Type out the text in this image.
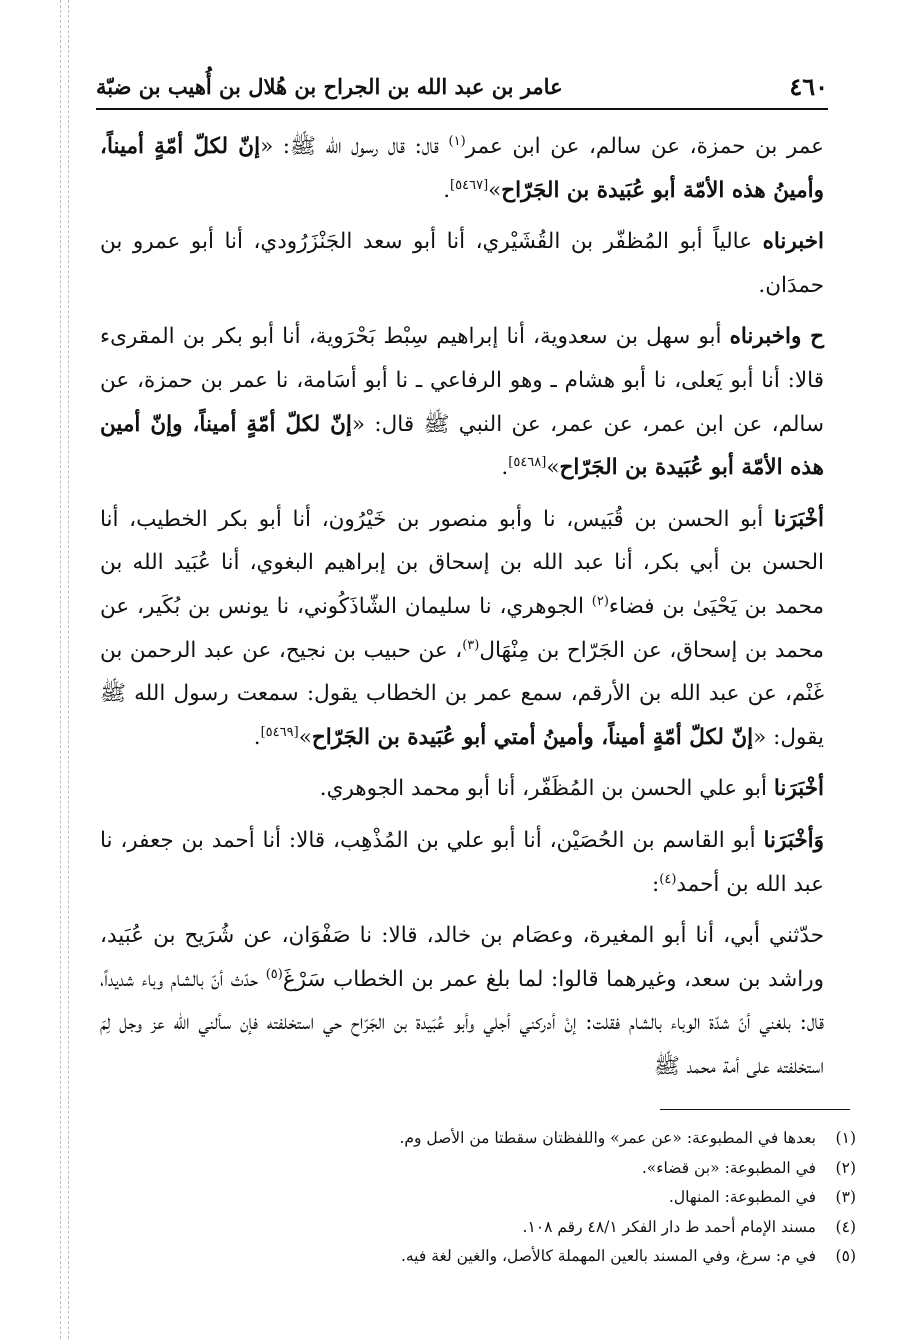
٤٦٠
عامر بن عبد الله بن الجراح بن هُلال بن أُهيب بن ضبّة

عمر بن حمزة، عن سالم، عن ابن عمر$^{(١)}$ قال: قال رسول الله ﷺ: «إنّ لكلّ أمّةٍ أميناً، وأمينُ هذه الأمّة أبو عُبَيدة بن الجَرّاح»[٥٤٦٧].

اخبرناه عالياً أبو المُظفّر بن القُشَيْري، أنا أبو سعد الجَنْزَرُودي، أنا أبو عمرو بن حمدَان.

ح واخبرناه أبو سهل بن سعدوية، أنا إبراهيم سِبْط بَحْرَوية، أنا أبو بكر بن المقرىء قالا: أنا أبو يَعلى، نا أبو هشام ـ وهو الرفاعي ـ نا أبو أسَامة، نا عمر بن حمزة، عن سالم، عن ابن عمر، عن عمر، عن النبي ﷺ قال: «إنّ لكلّ أمّةٍ أميناً، وإنّ أمين هذه الأمّة أبو عُبَيدة بن الجَرّاح»[٥٤٦٨].

أخْبَرَنا أبو الحسن بن قُبَيس، نا وأبو منصور بن خَيْرُون، أنا أبو بكر الخطيب، أنا الحسن بن أبي بكر، أنا عبد الله بن إسحاق بن إبراهيم البغوي، أنا عُبَيد الله بن محمد بن يَحْيَىٰ بن فضاء$^{(٢)}$ الجوهري، نا سليمان الشّاذَكُوني، نا يونس بن بُكَير، عن محمد بن إسحاق، عن الجَرّاح بن مِنْهَال$^{(٣)}$، عن حبيب بن نجيح، عن عبد الرحمن بن غَنْم، عن عبد الله بن الأرقم، سمع عمر بن الخطاب يقول: سمعت رسول الله ﷺ يقول: «إنّ لكلّ أمّةٍ أميناً، وأمينُ أمتي أبو عُبَيدة بن الجَرّاح»[٥٤٦٩].

أخْبَرَنا أبو علي الحسن بن المُظَفّر، أنا أبو محمد الجوهري.

وَأخْبَرَنا أبو القاسم بن الحُصَيْن، أنا أبو علي بن المُذْهِب، قالا: أنا أحمد بن جعفر، نا عبد الله بن أحمد$^{(٤)}$:

حدّثني أبي، أنا أبو المغيرة، وعصَام بن خالد، قالا: نا صَفْوَان، عن شُرَيح بن عُبَيد، وراشد بن سعد، وغيرهما قالوا: لما بلغ عمر بن الخطاب سَرْغَ$^{(٥)}$ حدّث أنّ بالشام وباء شديداً، قال: بلغني أنّ شدّة الوباء بالشام فقلت: إنْ أدركني أجلي وأبو عُبَيدة بن الجَرّاح حي استخلفته فإن سألني الله عز وجل لِمَ استخلفته على أمة محمد ﷺ

(١)
بعدها في المطبوعة: «عن عمر» واللفظتان سقطتا من الأصل وم.
(٢)
في المطبوعة: «بن قضاء».
(٣)
في المطبوعة: المنهال.
(٤)
مسند الإمام أحمد ط دار الفكر ٤٨/١ رقم ١٠٨.
(٥)
في م: سرغ، وفي المسند بالعين المهملة كالأصل، والغين لغة فيه.
